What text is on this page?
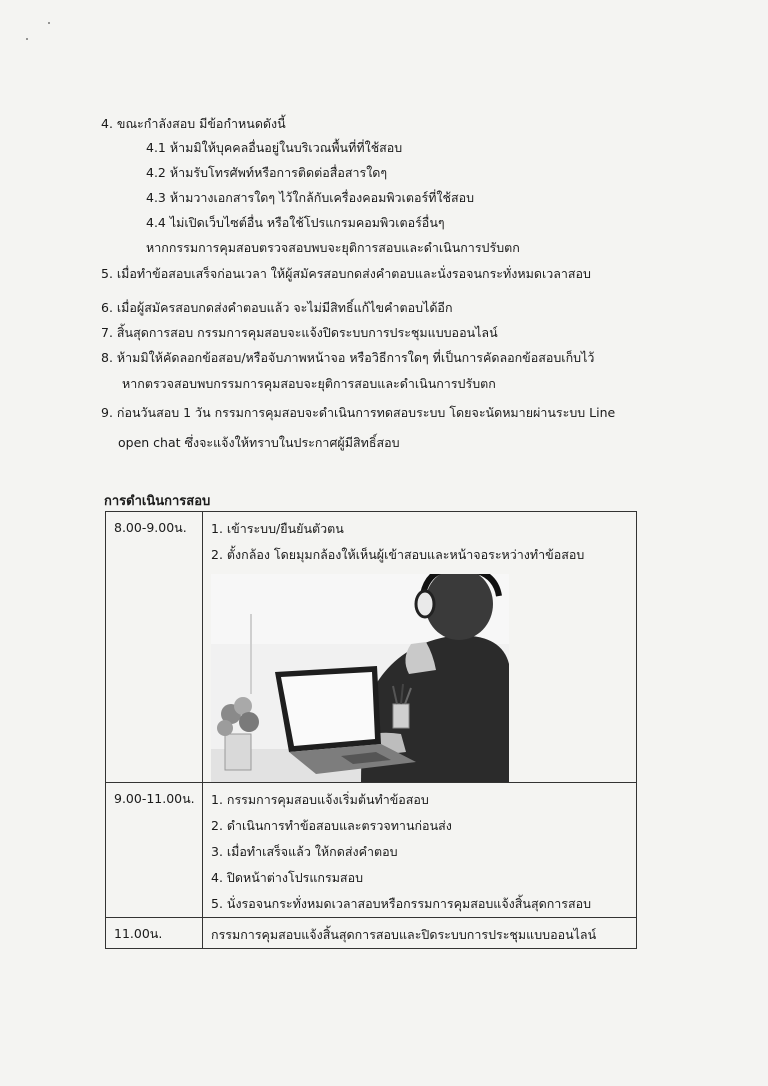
4. ขณะกำลังสอบ มีข้อกำหนดดังนี้
4.1 ห้ามมิให้บุคคลอื่นอยู่ในบริเวณพื้นที่ที่ใช้สอบ
4.2 ห้ามรับโทรศัพท์หรือการติดต่อสื่อสารใดๆ
4.3 ห้ามวางเอกสารใดๆ ไว้ใกล้กับเครื่องคอมพิวเตอร์ที่ใช้สอบ
4.4 ไม่เปิดเว็บไซต์อื่น หรือใช้โปรแกรมคอมพิวเตอร์อื่นๆ
หากกรรมการคุมสอบตรวจสอบพบจะยุติการสอบและดำเนินการปรับตก
5. เมื่อทำข้อสอบเสร็จก่อนเวลา ให้ผู้สมัครสอบกดส่งคำตอบและนั่งรอจนกระทั่งหมดเวลาสอบ
6. เมื่อผู้สมัครสอบกดส่งคำตอบแล้ว จะไม่มีสิทธิ์แก้ไขคำตอบได้อีก
7. สิ้นสุดการสอบ กรรมการคุมสอบจะแจ้งปิดระบบการประชุมแบบออนไลน์
8. ห้ามมิให้คัดลอกข้อสอบ/หรือจับภาพหน้าจอ หรือวิธีการใดๆ ที่เป็นการคัดลอกข้อสอบเก็บไว้
หากตรวจสอบพบกรรมการคุมสอบจะยุติการสอบและดำเนินการปรับตก
9. ก่อนวันสอบ 1 วัน กรรมการคุมสอบจะดำเนินการทดสอบระบบ โดยจะนัดหมายผ่านระบบ Line
open chat ซึ่งจะแจ้งให้ทราบในประกาศผู้มีสิทธิ์สอบ
การดำเนินการสอบ
8.00-9.00น.	1. เข้าระบบ/ยืนยันตัวตน
2. ตั้งกล้อง โดยมุมกล้องให้เห็นผู้เข้าสอบและหน้าจอระหว่างทำข้อสอบ

9.00-11.00น.	1. กรรมการคุมสอบแจ้งเริ่มต้นทำข้อสอบ
2. ดำเนินการทำข้อสอบและตรวจทานก่อนส่ง
3. เมื่อทำเสร็จแล้ว ให้กดส่งคำตอบ
4. ปิดหน้าต่างโปรแกรมสอบ
5. นั่งรอจนกระทั่งหมดเวลาสอบหรือกรรมการคุมสอบแจ้งสิ้นสุดการสอบ

11.00น.	กรรมการคุมสอบแจ้งสิ้นสุดการสอบและปิดระบบการประชุมแบบออนไลน์
